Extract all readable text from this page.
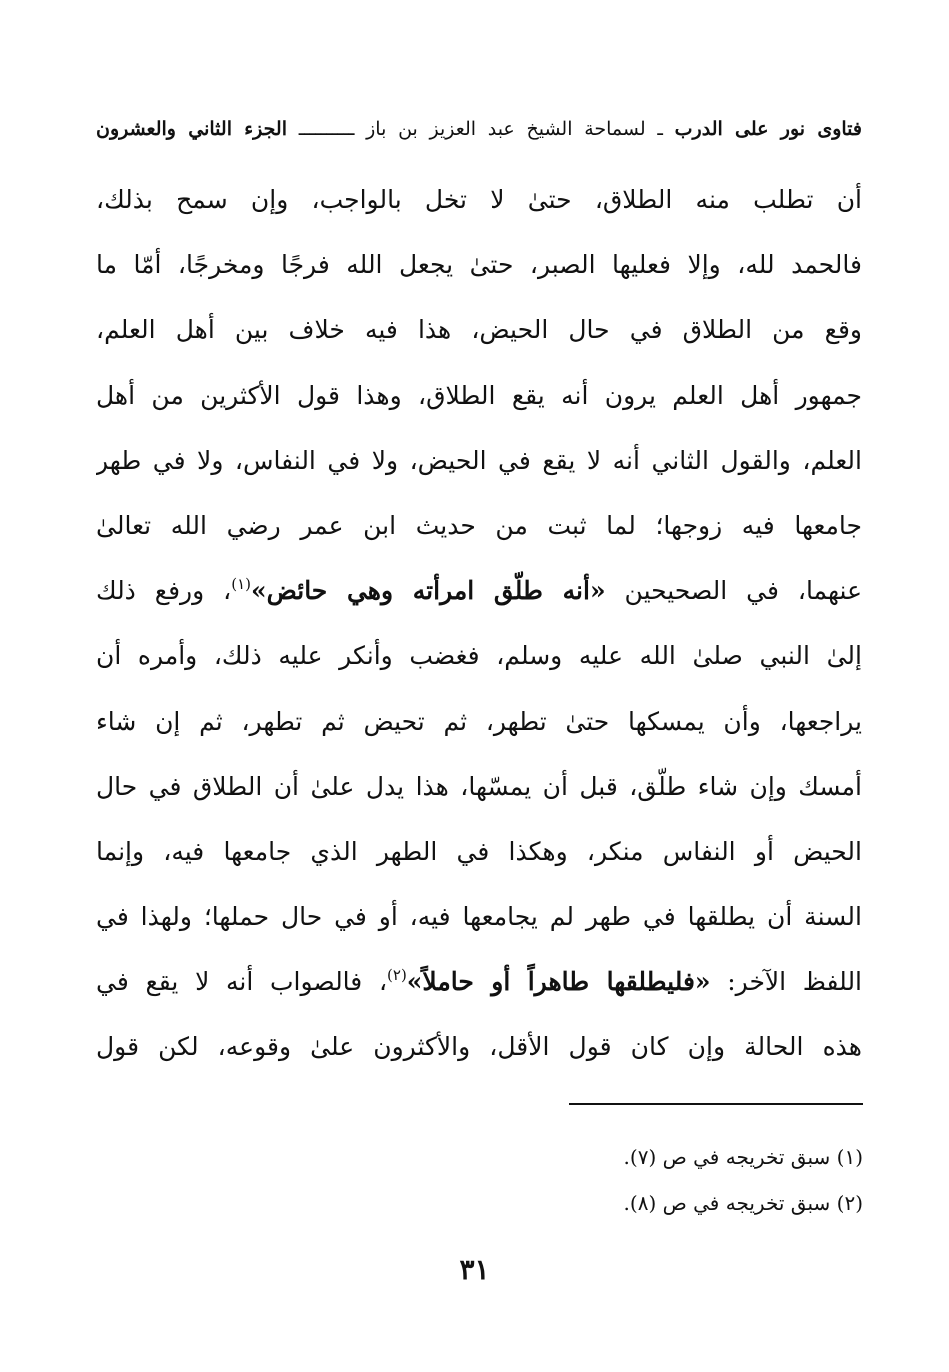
فتاوى نور على الدرب ـ لسماحة الشيخ عبد العزيز بن باز ــــــــــ الجزء الثاني والعشرون
أن تطلب منه الطلاق، حتىٰ لا تخل بالواجب، وإن سمح بذلك،
فالحمد لله، وإلا فعليها الصبر، حتىٰ يجعل الله فرجًا ومخرجًا، أمّا ما
وقع من الطلاق في حال الحيض، هذا فيه خلاف بين أهل العلم،
جمهور أهل العلم يرون أنه يقع الطلاق، وهذا قول الأكثرين من أهل
العلم، والقول الثاني أنه لا يقع في الحيض، ولا في النفاس، ولا في طهر
جامعها فيه زوجها؛ لما ثبت من حديث ابن عمر رضي الله تعالىٰ
عنهما، في الصحيحين «أنه طلّق امرأته وهي حائض»$^{(١)}$، ورفع ذلك
إلىٰ النبي صلىٰ الله عليه وسلم، فغضب وأنكر عليه ذلك، وأمره أن
يراجعها، وأن يمسكها حتىٰ تطهر، ثم تحيض ثم تطهر، ثم إن شاء
أمسك وإن شاء طلّق، قبل أن يمسّها، هذا يدل علىٰ أن الطلاق في حال
الحيض أو النفاس منكر، وهكذا في الطهر الذي جامعها فيه، وإنما
السنة أن يطلقها في طهر لم يجامعها فيه، أو في حال حملها؛ ولهذا في
اللفظ الآخر: «فليطلقها طاهراً أو حاملاً»$^{(٢)}$، فالصواب أنه لا يقع في
هذه الحالة وإن كان قول الأقل، والأكثرون علىٰ وقوعه، لكن قول
(١) سبق تخريجه في ص (٧).
(٢) سبق تخريجه في ص (٨).
٣١
